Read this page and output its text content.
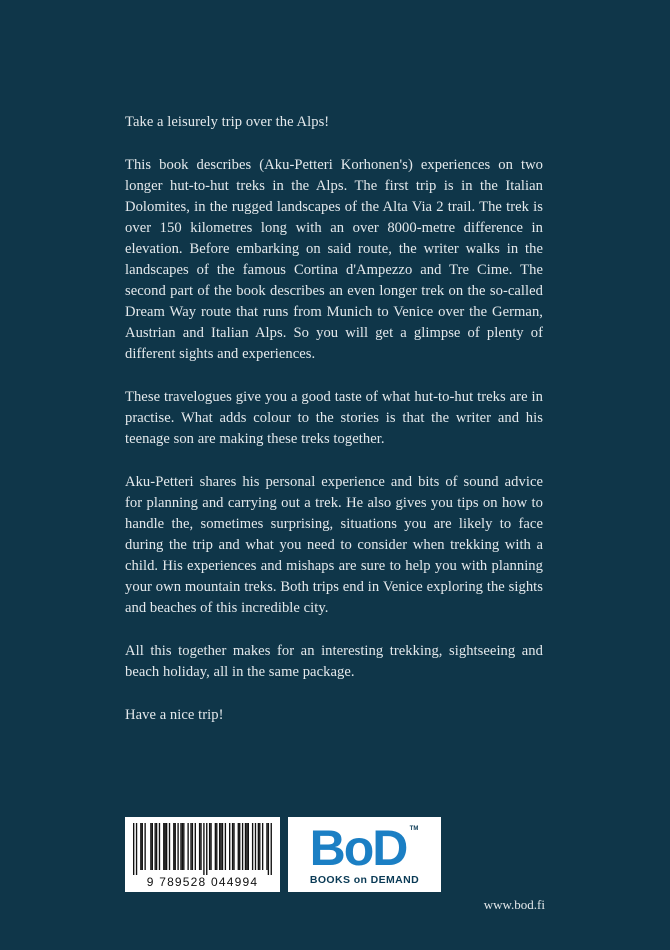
Take a leisurely trip over the Alps!

This book describes (Aku-Petteri Korhonen's) experiences on two longer hut-to-hut treks in the Alps. The first trip is in the Italian Dolomites, in the rugged landscapes of the Alta Via 2 trail. The trek is over 150 kilometres long with an over 8000-metre difference in elevation. Before embarking on said route, the writer walks in the landscapes of the famous Cortina d'Ampezzo and Tre Cime. The second part of the book describes an even longer trek on the so-called Dream Way route that runs from Munich to Venice over the German, Austrian and Italian Alps. So you will get a glimpse of plenty of different sights and experiences.

These travelogues give you a good taste of what hut-to-hut treks are in practise. What adds colour to the stories is that the writer and his teenage son are making these treks together.

Aku-Petteri shares his personal experience and bits of sound advice for planning and carrying out a trek. He also gives you tips on how to handle the, sometimes surprising, situations you are likely to face during the trip and what you need to consider when trekking with a child. His experiences and mishaps are sure to help you with planning your own mountain treks. Both trips end in Venice exploring the sights and beaches of this incredible city.

All this together makes for an interesting trekking, sightseeing and beach holiday, all in the same package.

Have a nice trip!

9 789528 044994
BoD TM
BOOKS on DEMAND
www.bod.fi
